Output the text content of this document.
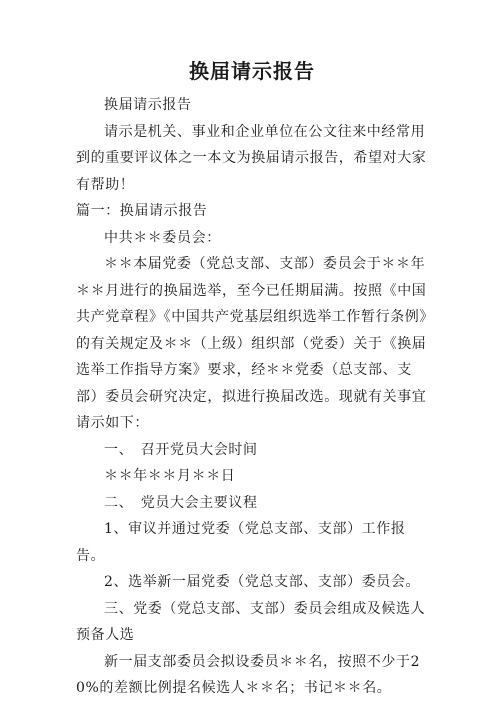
换届请示报告

换届请示报告

请示是机关、事业和企业单位在公文往来中经常用到的重要评议体之一本文为换届请示报告，希望对大家有帮助！

篇一：换届请示报告

中共＊＊委员会：

＊＊本届党委（党总支部、支部）委员会于＊＊年＊＊月进行的换届选举，至今已任期届满。按照《中国共产党章程》《中国共产党基层组织选举工作暂行条例》的有关规定及＊＊（上级）组织部（党委）关于《换届选举工作指导方案》要求，经＊＊党委（总支部、支部）委员会研究决定，拟进行换届改选。现就有关事宜请示如下：

一、　召开党员大会时间

＊＊年＊＊月＊＊日

二、　党员大会主要议程

1、审议并通过党委（党总支部、支部）工作报告。

2、选举新一届党委（党总支部、支部）委员会。

三、党委（党总支部、支部）委员会组成及候选人预备人选

新一届支部委员会拟设委员＊＊名，按照不少于20%的差额比例提名候选人＊＊名；书记＊＊名。
